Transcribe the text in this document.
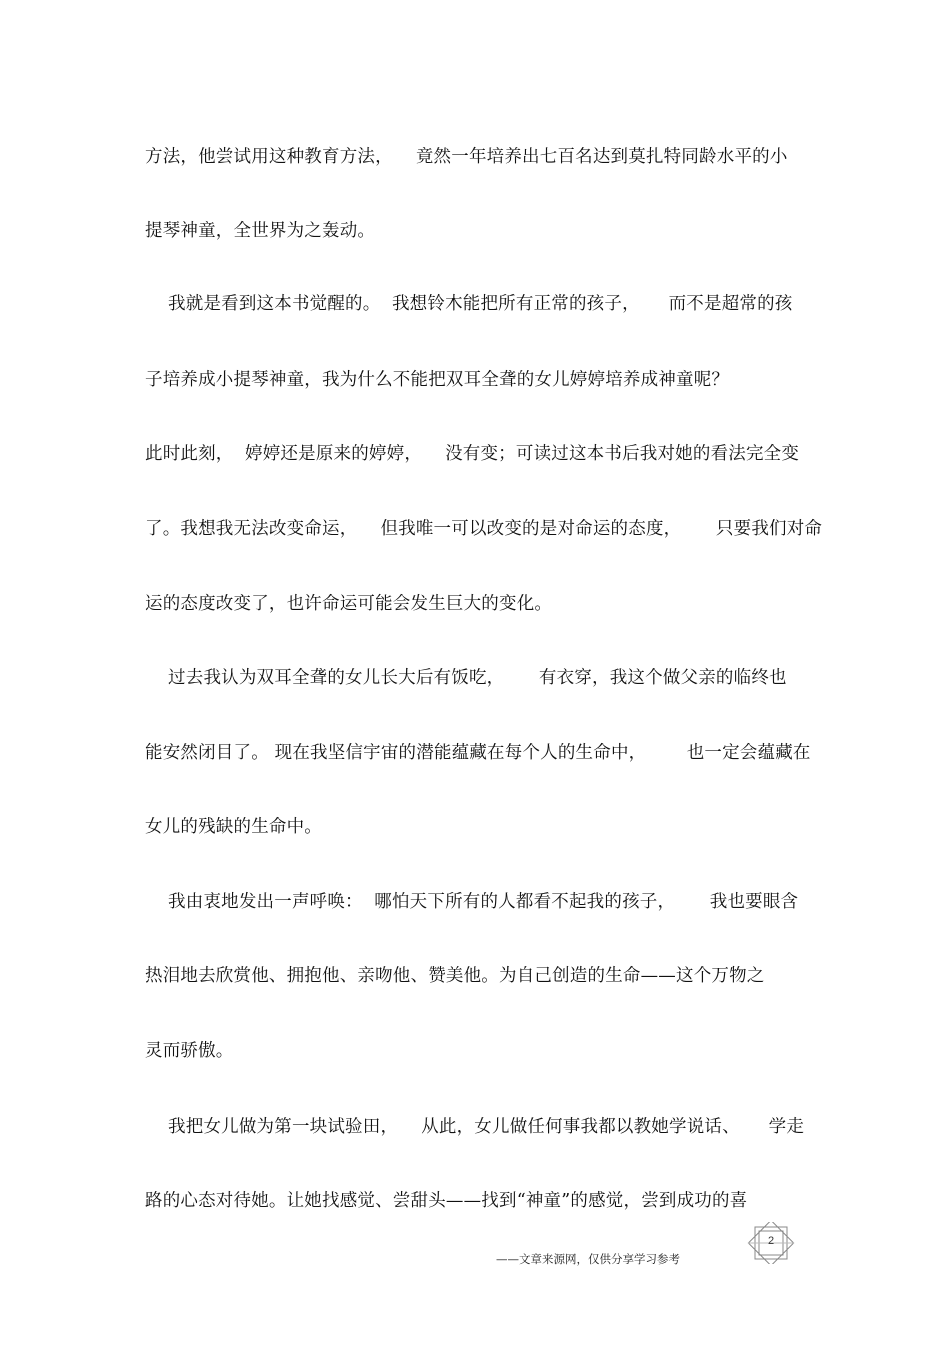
方法，他尝试用这种教育方法，    竟然一年培养出七百名达到莫扎特同龄水平的小
提琴神童，全世界为之轰动。
我就是看到这本书觉醒的。  我想铃木能把所有正常的孩子，     而不是超常的孩
子培养成小提琴神童，我为什么不能把双耳全聋的女儿婷婷培养成神童呢？
此时此刻，  婷婷还是原来的婷婷，    没有变；可读过这本书后我对她的看法完全变
了。我想我无法改变命运，    但我唯一可以改变的是对命运的态度，      只要我们对命
运的态度改变了，也许命运可能会发生巨大的变化。
过去我认为双耳全聋的女儿长大后有饭吃，      有衣穿，我这个做父亲的临终也
能安然闭目了。 现在我坚信宇宙的潜能蕴藏在每个人的生命中，       也一定会蕴藏在
女儿的残缺的生命中。
我由衷地发出一声呼唤：  哪怕天下所有的人都看不起我的孩子，      我也要眼含
热泪地去欣赏他、拥抱他、亲吻他、赞美他。为自己创造的生命——这个万物之
灵而骄傲。
我把女儿做为第一块试验田，    从此，女儿做任何事我都以教她学说话、     学走
路的心态对待她。让她找感觉、尝甜头——找到“神童”的感觉，尝到成功的喜
——文章来源网，仅供分享学习参考
2
